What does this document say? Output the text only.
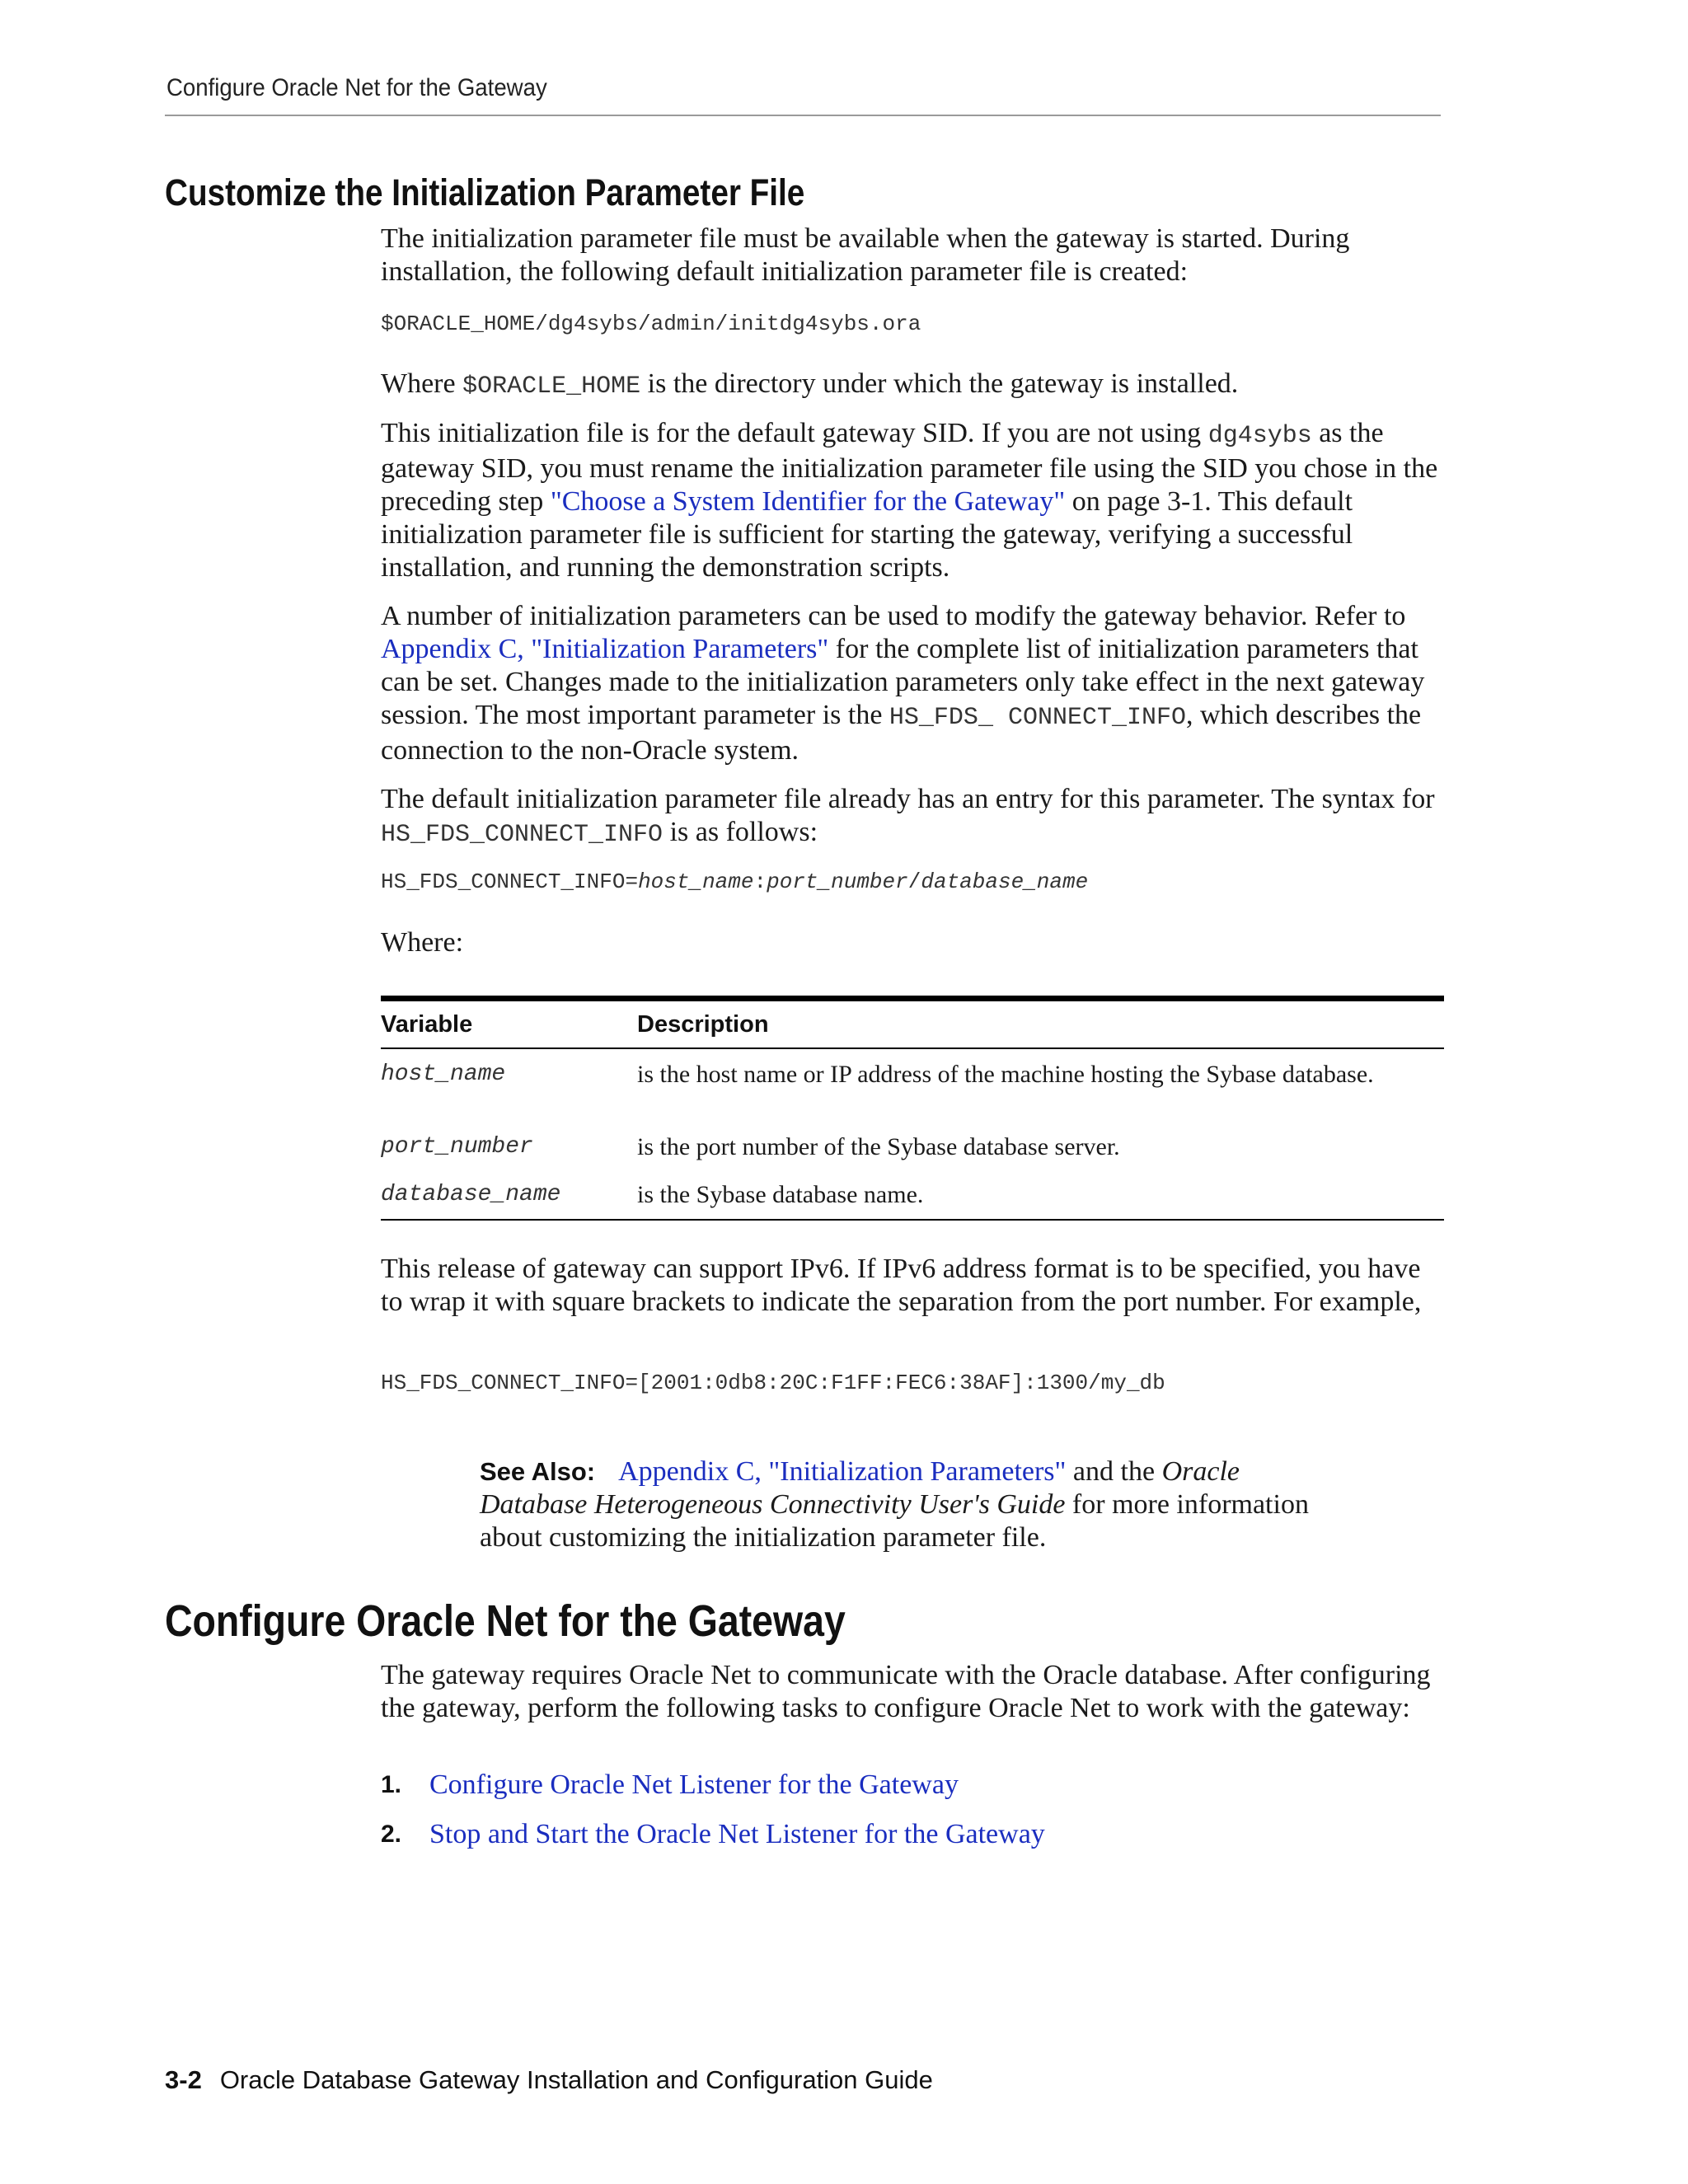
Configure Oracle Net for the Gateway
Customize the Initialization Parameter File

The initialization parameter file must be available when the gateway is started. During installation, the following default initialization parameter file is created:

$ORACLE_HOME/dg4sybs/admin/initdg4sybs.ora

Where $ORACLE_HOME is the directory under which the gateway is installed.

This initialization file is for the default gateway SID. If you are not using dg4sybs as the gateway SID, you must rename the initialization parameter file using the SID you chose in the preceding step "Choose a System Identifier for the Gateway" on page 3-1. This default initialization parameter file is sufficient for starting the gateway, verifying a successful installation, and running the demonstration scripts.

A number of initialization parameters can be used to modify the gateway behavior. Refer to Appendix C, "Initialization Parameters" for the complete list of initialization parameters that can be set. Changes made to the initialization parameters only take effect in the next gateway session. The most important parameter is the HS_FDS_ CONNECT_INFO, which describes the connection to the non-Oracle system.

The default initialization parameter file already has an entry for this parameter. The syntax for HS_FDS_CONNECT_INFO is as follows:

HS_FDS_CONNECT_INFO=host_name:port_number/database_name

Where:

Variable	Description
host_name	is the host name or IP address of the machine hosting the Sybase database.
port_number	is the port number of the Sybase database server.
database_name	is the Sybase database name.

This release of gateway can support IPv6. If IPv6 address format is to be specified, you have to wrap it with square brackets to indicate the separation from the port number. For example,

HS_FDS_CONNECT_INFO=[2001:0db8:20C:F1FF:FEC6:38AF]:1300/my_db

See Also: Appendix C, "Initialization Parameters" and the Oracle Database Heterogeneous Connectivity User's Guide for more information about customizing the initialization parameter file.

Configure Oracle Net for the Gateway

The gateway requires Oracle Net to communicate with the Oracle database. After configuring the gateway, perform the following tasks to configure Oracle Net to work with the gateway:

1. Configure Oracle Net Listener for the Gateway
2. Stop and Start the Oracle Net Listener for the Gateway
3-2 Oracle Database Gateway Installation and Configuration Guide
